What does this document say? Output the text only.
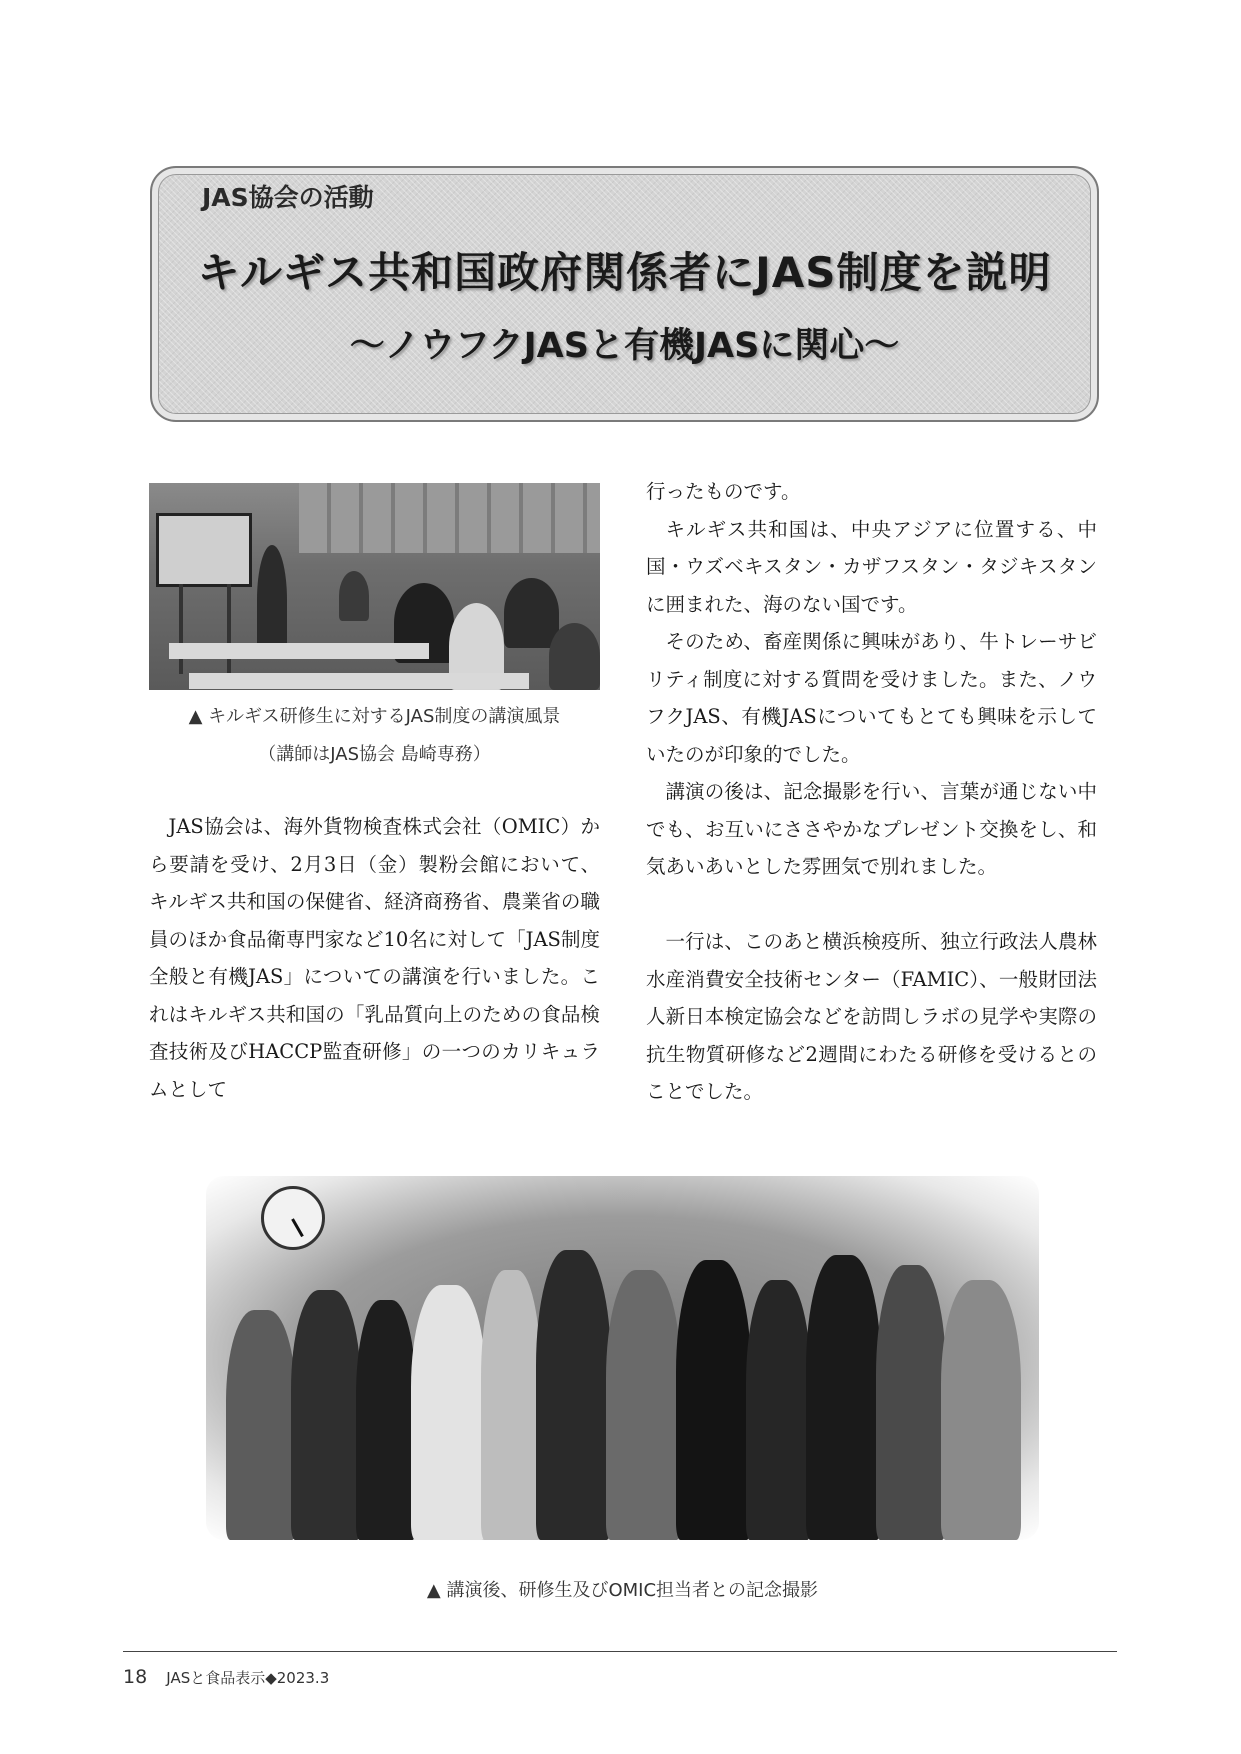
JAS協会の活動
キルギス共和国政府関係者にJAS制度を説明
～ノウフクJASと有機JASに関心～
▲ キルギス研修生に対するJAS制度の講演風景
（講師はJAS協会 島崎専務）

JAS協会は、海外貨物検査株式会社（OMIC）から要請を受け、2月3日（金）製粉会館において、キルギス共和国の保健省、経済商務省、農業省の職員のほか食品衛専門家など10名に対して「JAS制度全般と有機JAS」についての講演を行いました。これはキルギス共和国の「乳品質向上のための食品検査技術及びHACCP監査研修」の一つのカリキュラムとして

行ったものです。

キルギス共和国は、中央アジアに位置する、中国・ウズベキスタン・カザフスタン・タジキスタンに囲まれた、海のない国です。

そのため、畜産関係に興味があり、牛トレーサビリティ制度に対する質問を受けました。また、ノウフクJAS、有機JASについてもとても興味を示していたのが印象的でした。

講演の後は、記念撮影を行い、言葉が通じない中でも、お互いにささやかなプレゼント交換をし、和気あいあいとした雰囲気で別れました。

一行は、このあと横浜検疫所、独立行政法人農林水産消費安全技術センター（FAMIC）、一般財団法人新日本検定協会などを訪問しラボの見学や実際の抗生物質研修など2週間にわたる研修を受けるとのことでした。

▲ 講演後、研修生及びOMIC担当者との記念撮影
18 JASと食品表示◆2023.3
